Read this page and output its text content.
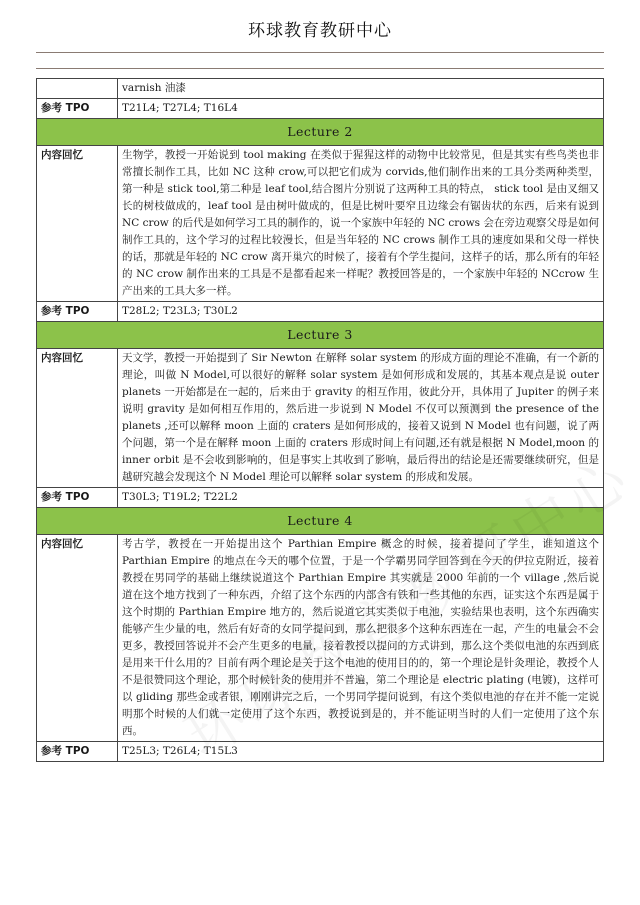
环球教育教研中心
	varnish 油漆
参考 TPO	T21L4; T27L4; T16L4
Lecture 2	
内容回忆	生物学，教授一开始说到 tool making 在类似于猩猩这样的动物中比较常见，但是其实有些鸟类也非常擅长制作工具，比如 NC 这种 crow,可以把它们成为 corvids,他们制作出来的工具分类两种类型，第一种是 stick tool,第二种是 leaf tool,结合图片分别说了这两种工具的特点， stick tool 是由叉细又长的树枝做成的，leaf tool 是由树叶做成的，但是比树叶要窄且边缘会有锯齿状的东西，后来有说到 NC crow 的后代是如何学习工具的制作的，说一个家族中年轻的 NC crows 会在旁边观察父母是如何制作工具的，这个学习的过程比较漫长，但是当年轻的 NC crows 制作工具的速度如果和父母一样快的话，那就是年轻的 NC crow 离开巢穴的时候了，接着有个学生提问，这样子的话，那么所有的年轻的 NC crow 制作出来的工具是不是都看起来一样呢？教授回答是的，一个家族中年轻的 NCcrow 生产出来的工具大多一样。
参考 TPO	T28L2; T23L3; T30L2
Lecture 3	
内容回忆	天文学，教授一开始提到了 Sir Newton 在解释 solar system 的形成方面的理论不准确，有一个新的理论，叫做 N Model,可以很好的解释 solar system 是如何形成和发展的，其基本观点是说 outer planets 一开始都是在一起的，后来由于 gravity 的相互作用，彼此分开，具体用了 Jupiter 的例子来说明 gravity 是如何相互作用的，然后进一步说到 N Model 不仅可以预测到 the presence of the planets ,还可以解释 moon 上面的 craters 是如何形成的，接着又说到 N Model 也有问题，说了两个问题，第一个是在解释 moon 上面的 craters 形成时间上有问题,还有就是根据 N Model,moon 的 inner orbit 是不会收到影响的，但是事实上其收到了影响，最后得出的结论是还需要继续研究，但是越研究越会发现这个 N Model 理论可以解释 solar system 的形成和发展。
参考 TPO	T30L3; T19L2; T22L2
Lecture 4	
内容回忆	考古学，教授在一开始提出这个 Parthian Empire 概念的时候，接着提问了学生，谁知道这个 Parthian Empire 的地点在今天的哪个位置，于是一个学霸男同学回答到在今天的伊拉克附近，接着教授在男同学的基础上继续说道这个 Parthian Empire 其实就是 2000 年前的一个 village ,然后说道在这个地方找到了一种东西，介绍了这个东西的内部含有铁和一些其他的东西，证实这个东西是属于这个时期的 Parthian Empire 地方的，然后说道它其实类似于电池，实验结果也表明，这个东西确实能够产生少量的电，然后有好奇的女同学提问到，那么把很多个这种东西连在一起，产生的电量会不会更多，教授回答说并不会产生更多的电量，接着教授以提问的方式讲到，那么这个类似电池的东西到底是用来干什么用的？目前有两个理论是关于这个电池的使用目的的，第一个理论是针灸理论，教授个人不是很赞同这个理论，那个时候针灸的使用并不普遍，第二个理论是 electric plating (电镀)，这样可以 gliding 那些金或者银，刚刚讲完之后，一个男同学提问说到，有这个类似电池的存在并不能一定说明那个时候的人们就一定使用了这个东西，教授说到是的，并不能证明当时的人们一定使用了这个东西。
参考 TPO	T25L3; T26L4; T15L3
